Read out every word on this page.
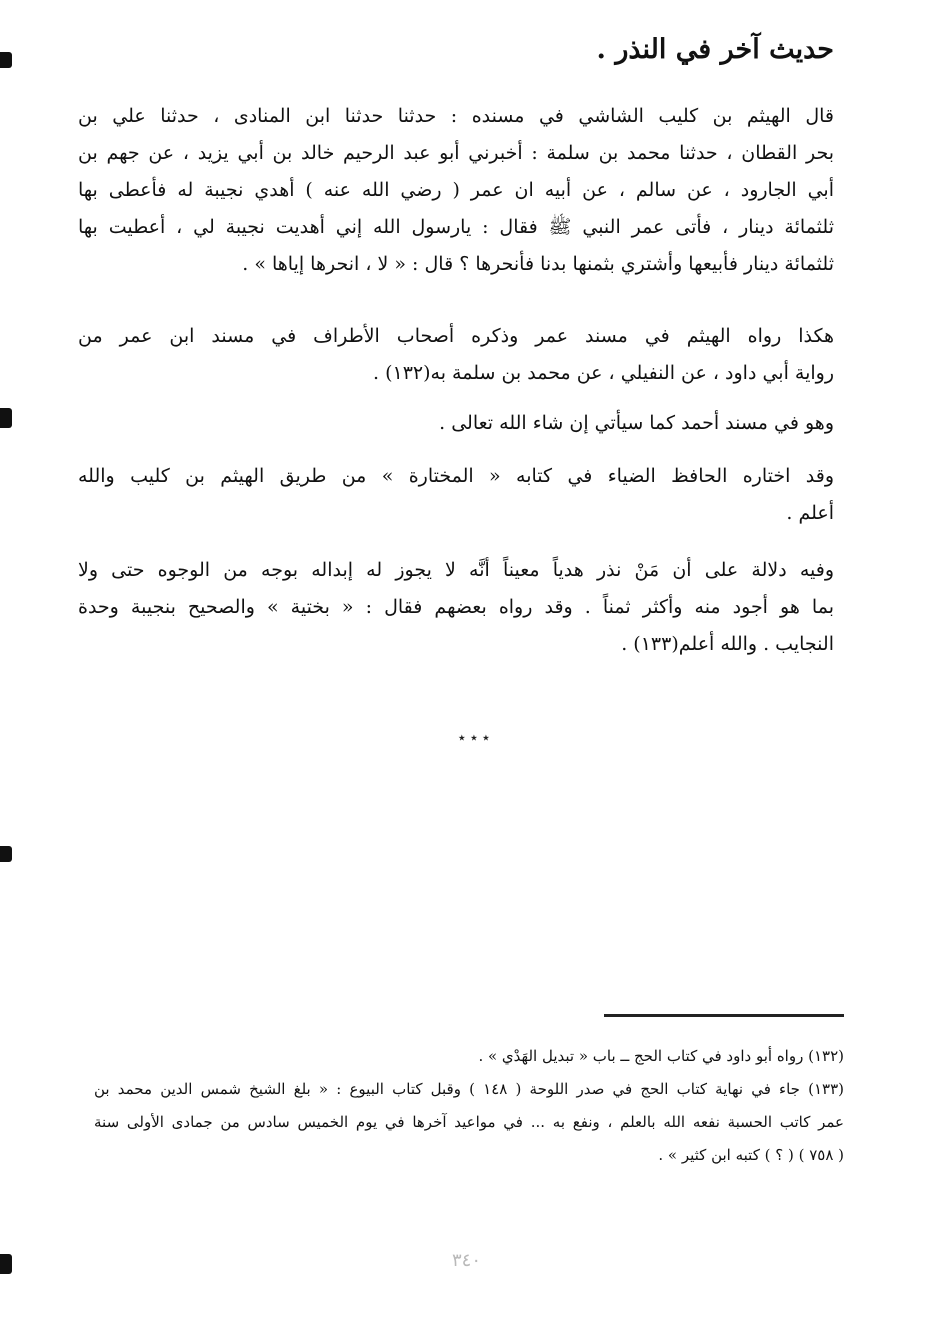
حديث آخر في النذر .
قال الهيثم بن كليب الشاشي في مسنده : حدثنا حدثنا ابن المنادى ، حدثنا علي بن
بحر القطان ، حدثنا محمد بن سلمة : أخبرني أبو عبد الرحيم خالد بن أبي يزيد ، عن جهم بن
أبي الجارود ، عن سالم ، عن أبيه ان عمر ( رضي الله عنه ) أهدي نجيبة له فأعطى بها
ثلثمائة دينار ، فأتى عمر النبي ﷺ فقال : يارسول الله إني أهديت نجيبة لي ، أعطيت بها
ثلثمائة دينار فأبيعها وأشتري بثمنها بدنا فأنحرها ؟ قال : « لا ، انحرها إياها » .
هكذا رواه الهيثم في مسند عمر وذكره أصحاب الأطراف في مسند ابن عمر من
رواية أبي داود ، عن النفيلي ، عن محمد بن سلمة به(١٣٢) .
وهو في مسند أحمد كما سيأتي إن شاء الله تعالى .
وقد اختاره الحافظ الضياء في كتابه « المختارة » من طريق الهيثم بن كليب والله
أعلم .
وفيه دلالة على أن مَنْ نذر هدياً معيناً أنَّه لا يجوز له إبداله بوجه من الوجوه حتى ولا
بما هو أجود منه وأكثر ثمناً . وقد رواه بعضهم فقال : « بختية » والصحيح بنجيبة وحدة
النجايب . والله أعلم(١٣٣) .
٭ ٭ ٭
(١٣٢) رواه أبو داود في كتاب الحج ــ باب « تبديل الهَدْي » .
(١٣٣) جاء في نهاية كتاب الحج في صدر اللوحة ( ١٤٨ ) وقبل كتاب البيوع : « بلغ الشيخ شمس الدين محمد بن
عمر كاتب الحسبة نفعه الله بالعلم ، ونفع به ... في مواعيد آخرها في يوم الخميس سادس من جمادى الأولى سنة
( ٧٥٨ ) ( ؟ ) كتبه ابن كثير » .
٣٤٠
